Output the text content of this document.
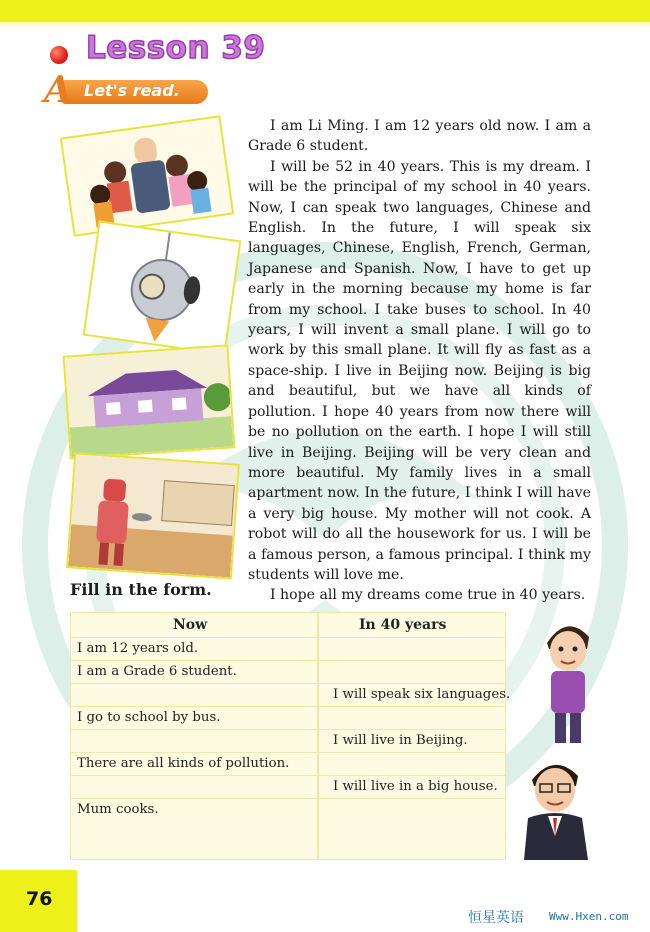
Lesson 39
A Let's read.

I am Li Ming. I am 12 years old now. I am a Grade 6 student.

I will be 52 in 40 years. This is my dream. I will be the principal of my school in 40 years. Now, I can speak two languages, Chinese and English. In the future, I will speak six languages, Chinese, English, French, German, Japanese and Spanish. Now, I have to get up early in the morning because my home is far from my school. I take buses to school. In 40 years, I will invent a small plane. I will go to work by this small plane. It will fly as fast as a space-ship. I live in Beijing now. Beijing is big and beautiful, but we have all kinds of pollution. I hope 40 years from now there will be no pollution on the earth. I hope I will still live in Beijing. Beijing will be very clean and more beautiful. My family lives in a small apartment now. In the future, I think I will have a very big house. My mother will not cook. A robot will do all the housework for us. I will be a famous person, a famous principal. I think my students will love me.

I hope all my dreams come true in 40 years.

Fill in the form.
Now	In 40 years
I am 12 years old.
I am a Grade 6 student.
I will speak six languages.
I go to school by bus.
I will live in Beijing.
There are all kinds of pollution.
I will live in a big house.
Mum cooks.
76
恒星英语 Www.Hxen.com
